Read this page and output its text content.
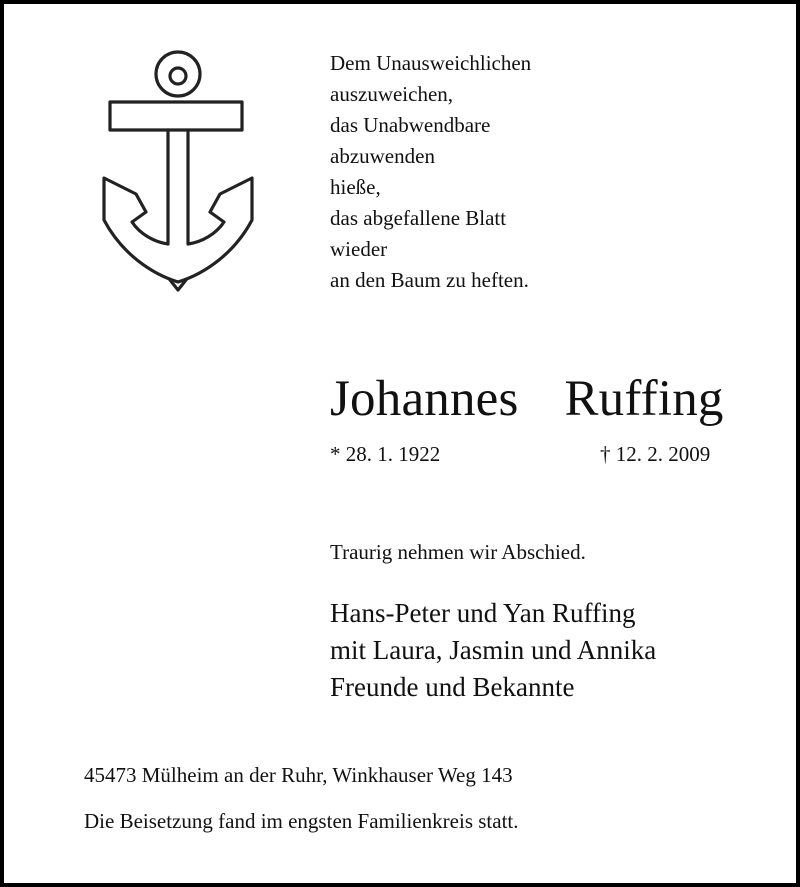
Dem Unausweichlichen
auszuweichen,
das Unabwendbare
abzuwenden
hieße,
das abgefallene Blatt
wieder
an den Baum zu heften.
Johannes  Ruffing
* 28. 1. 1922	† 12. 2. 2009
Traurig nehmen wir Abschied.
Hans-Peter und Yan Ruffing
mit Laura, Jasmin und Annika
Freunde und Bekannte
45473 Mülheim an der Ruhr, Winkhauser Weg 143
Die Beisetzung fand im engsten Familienkreis statt.
